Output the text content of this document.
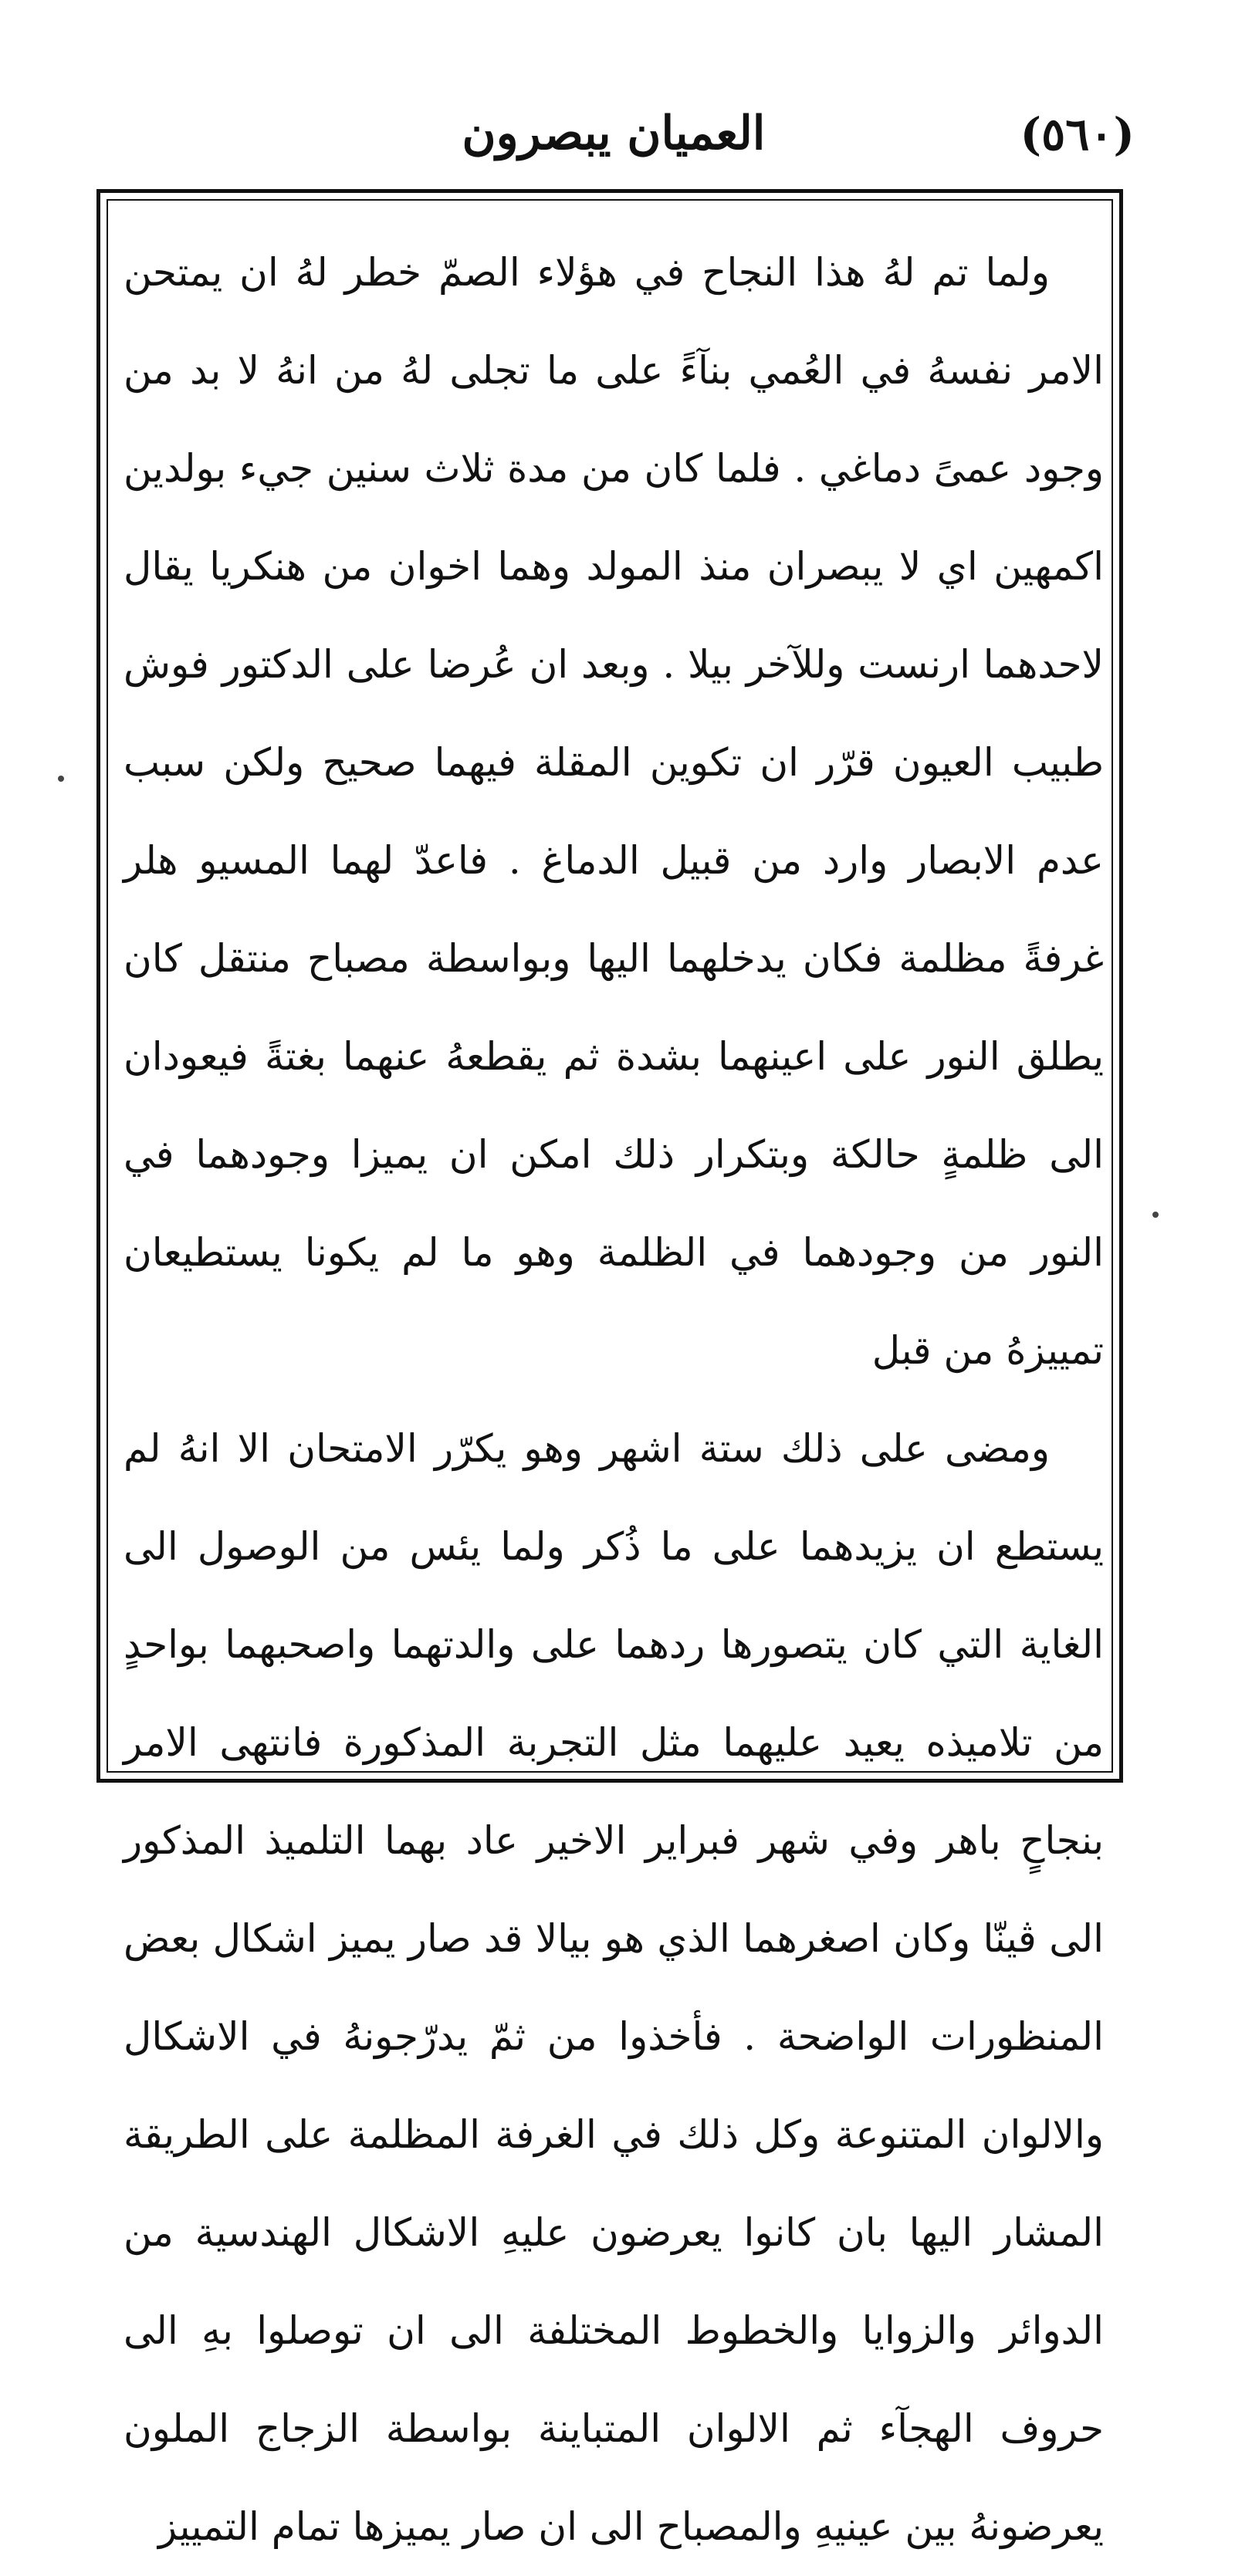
(٥٦٠)
العميان يبصرون

ولما تم لهُ هذا النجاح في هؤلاء الصمّ خطر لهُ ان يمتحن الامر نفسهُ في العُمي بنآءً على ما تجلى لهُ من انهُ لا بد من وجود عمىً دماغي . فلما كان من مدة ثلاث سنين جيء بولدين اكمهين اي لا يبصران منذ المولد وهما اخوان من هنكريا يقال لاحدهما ارنست وللآخر بيلا . وبعد ان عُرضا على الدكتور فوش طبيب العيون قرّر ان تكوين المقلة فيهما صحيح ولكن سبب عدم الابصار وارد من قبيل الدماغ . فاعدّ لهما المسيو هلر غرفةً مظلمة فكان يدخلهما اليها وبواسطة مصباح منتقل كان يطلق النور على اعينهما بشدة ثم يقطعهُ عنهما بغتةً فيعودان الى ظلمةٍ حالكة وبتكرار ذلك امكن ان يميزا وجودهما في النور من وجودهما في الظلمة وهو ما لم يكونا يستطيعان تمييزهُ من قبل

ومضى على ذلك ستة اشهر وهو يكرّر الامتحان الا انهُ لم يستطع ان يزيدهما على ما ذُكر ولما يئس من الوصول الى الغاية التي كان يتصورها ردهما على والدتهما واصحبهما بواحدٍ من تلاميذه يعيد عليهما مثل التجربة المذكورة فانتهى الامر بنجاحٍ باهر وفي شهر فبراير الاخير عاد بهما التلميذ المذكور الى ڤينّا وكان اصغرهما الذي هو بيالا قد صار يميز اشكال بعض المنظورات الواضحة . فأخذوا من ثمّ يدرّجونهُ في الاشكال والالوان المتنوعة وكل ذلك في الغرفة المظلمة على الطريقة المشار اليها بان كانوا يعرضون عليهِ الاشكال الهندسية من الدوائر والزوايا والخطوط المختلفة الى ان توصلوا بهِ الى حروف الهجآء ثم الالوان المتباينة بواسطة الزجاج الملون يعرضونهُ بين عينيهِ والمصباح الى ان صار يميزها تمام التمييز
